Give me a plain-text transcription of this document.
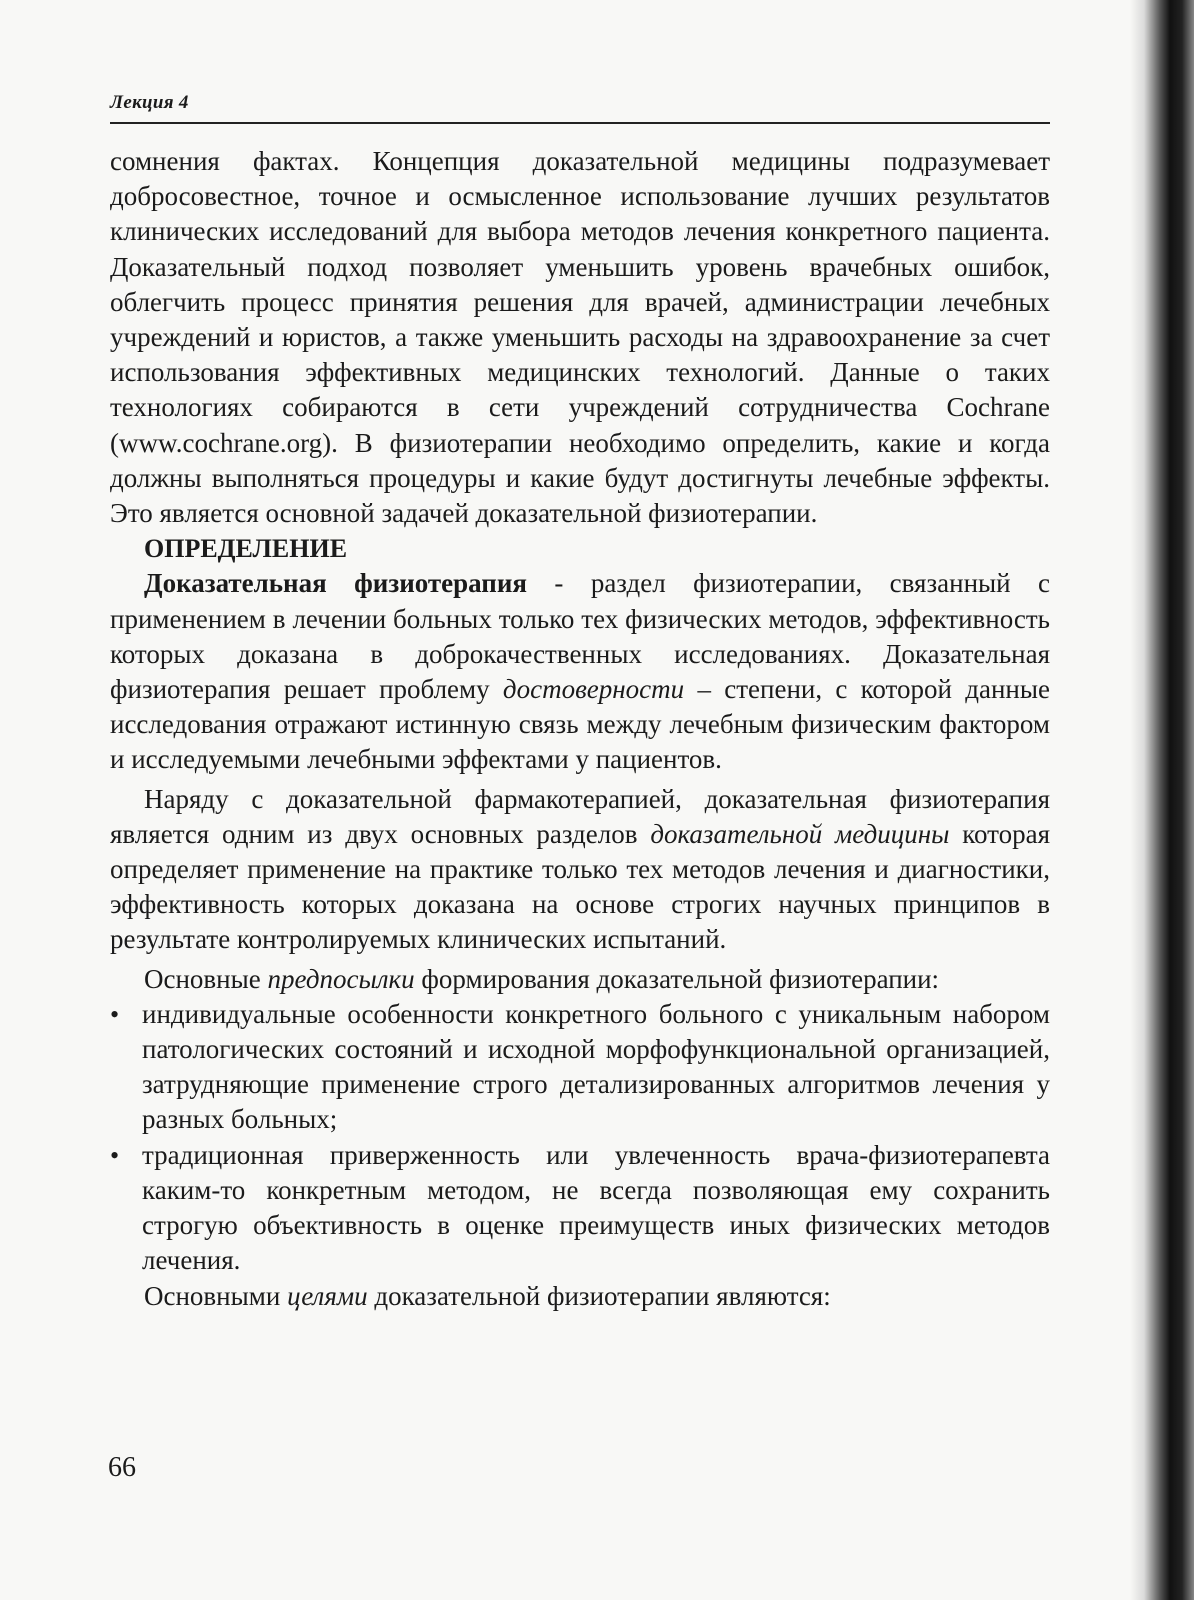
Лекция 4

сомнения фактах. Концепция доказательной медицины подразумевает добросовестное, точное и осмысленное использование лучших результатов клинических исследований для выбора методов лечения конкретного пациента. Доказательный подход позволяет уменьшить уровень врачебных ошибок, облегчить процесс принятия решения для врачей, администрации лечебных учреждений и юристов, а также уменьшить расходы на здравоохранение за счет использования эффективных медицинских технологий. Данные о таких технологиях собираются в сети учреждений сотрудничества Cochrane (www.cochrane.org). В физиотерапии необходимо определить, какие и когда должны выполняться процедуры и какие будут достигнуты лечебные эффекты. Это является основной задачей доказательной физиотерапии.

ОПРЕДЕЛЕНИЕ

Доказательная физиотерапия - раздел физиотерапии, связанный с применением в лечении больных только тех физических методов, эффективность которых доказана в доброкачественных исследованиях. Доказательная физиотерапия решает проблему достоверности – степени, с которой данные исследования отражают истинную связь между лечебным физическим фактором и исследуемыми лечебными эффектами у пациентов.

Наряду с доказательной фармакотерапией, доказательная физиотерапия является одним из двух основных разделов доказательной медицины которая определяет применение на практике только тех методов лечения и диагностики, эффективность которых доказана на основе строгих научных принципов в результате контролируемых клинических испытаний.

Основные предпосылки формирования доказательной физиотерапии:

• индивидуальные особенности конкретного больного с уникальным набором патологических состояний и исходной морфофункциональной организацией, затрудняющие применение строго детализированных алгоритмов лечения у разных больных;
• традиционная приверженность или увлеченность врача-физиотерапевта каким-то конкретным методом, не всегда позволяющая ему сохранить строгую объективность в оценке преимуществ иных физических методов лечения.

Основными целями доказательной физиотерапии являются:

66
